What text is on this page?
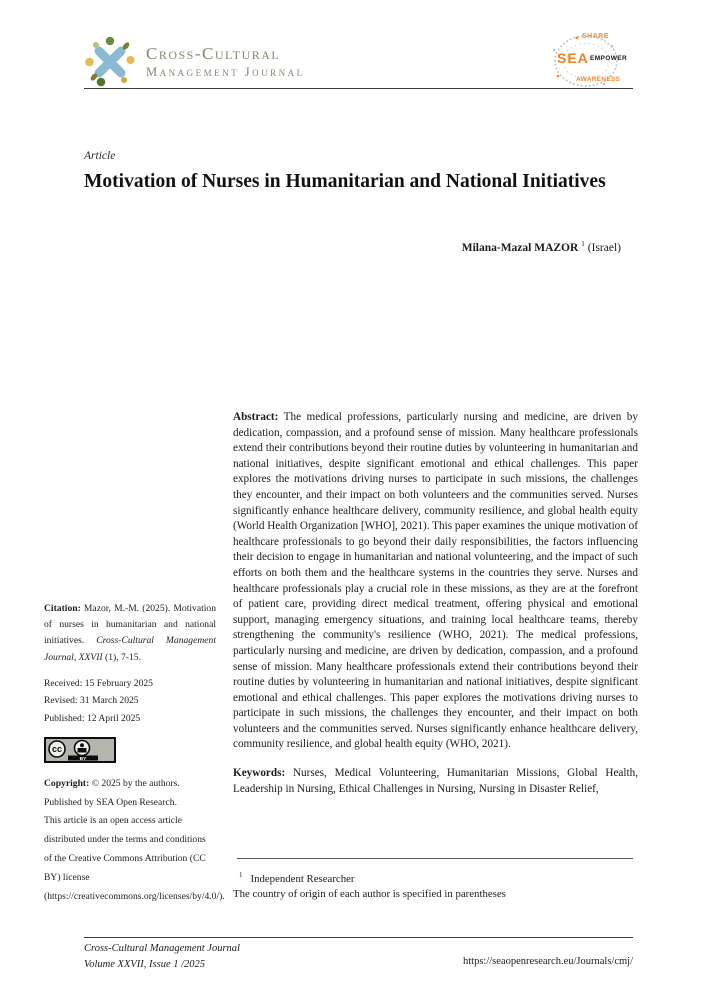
Cross-Cultural
Management Journal
SHARE
SEA EMPOWER
AWARENESS
Article
Motivation of Nurses in Humanitarian and National Initiatives
Milana-Mazal MAZOR $^1$ (Israel)

Citation: Mazor, M.-M. (2025). Motivation of nurses in humanitarian and national initiatives. Cross-Cultural Management Journal, XXVII (1), 7-15.

Received: 15 February 2025

Revised: 31 March 2025

Published: 12 April 2025

cc
BY

Copyright: © 2025 by the authors. Published by SEA Open Research.

This article is an open access article distributed under the terms and conditions of the Creative Commons Attribution (CC BY) license (https://creativecommons.org/licenses/by/4.0/).

Abstract: The medical professions, particularly nursing and medicine, are driven by dedication, compassion, and a profound sense of mission. Many healthcare professionals extend their contributions beyond their routine duties by volunteering in humanitarian and national initiatives, despite significant emotional and ethical challenges. This paper explores the motivations driving nurses to participate in such missions, the challenges they encounter, and their impact on both volunteers and the communities served. Nurses significantly enhance healthcare delivery, community resilience, and global health equity (World Health Organization [WHO], 2021). This paper examines the unique motivation of healthcare professionals to go beyond their daily responsibilities, the factors influencing their decision to engage in humanitarian and national volunteering, and the impact of such efforts on both them and the healthcare systems in the countries they serve. Nurses and healthcare professionals play a crucial role in these missions, as they are at the forefront of patient care, providing direct medical treatment, offering physical and emotional support, managing emergency situations, and training local healthcare teams, thereby strengthening the community's resilience (WHO, 2021). The medical professions, particularly nursing and medicine, are driven by dedication, compassion, and a profound sense of mission. Many healthcare professionals extend their contributions beyond their routine duties by volunteering in humanitarian and national initiatives, despite significant emotional and ethical challenges. This paper explores the motivations driving nurses to participate in such missions, the challenges they encounter, and their impact on both volunteers and the communities served. Nurses significantly enhance healthcare delivery, community resilience, and global health equity (WHO, 2021).

Keywords: Nurses, Medical Volunteering, Humanitarian Missions, Global Health, Leadership in Nursing, Ethical Challenges in Nursing, Nursing in Disaster Relief,

$^1$ Independent Researcher

The country of origin of each author is specified in parentheses

Cross-Cultural Management Journal

Volume XXVII, Issue 1 /2025	https://seaopenresearch.eu/Journals/cmj/
